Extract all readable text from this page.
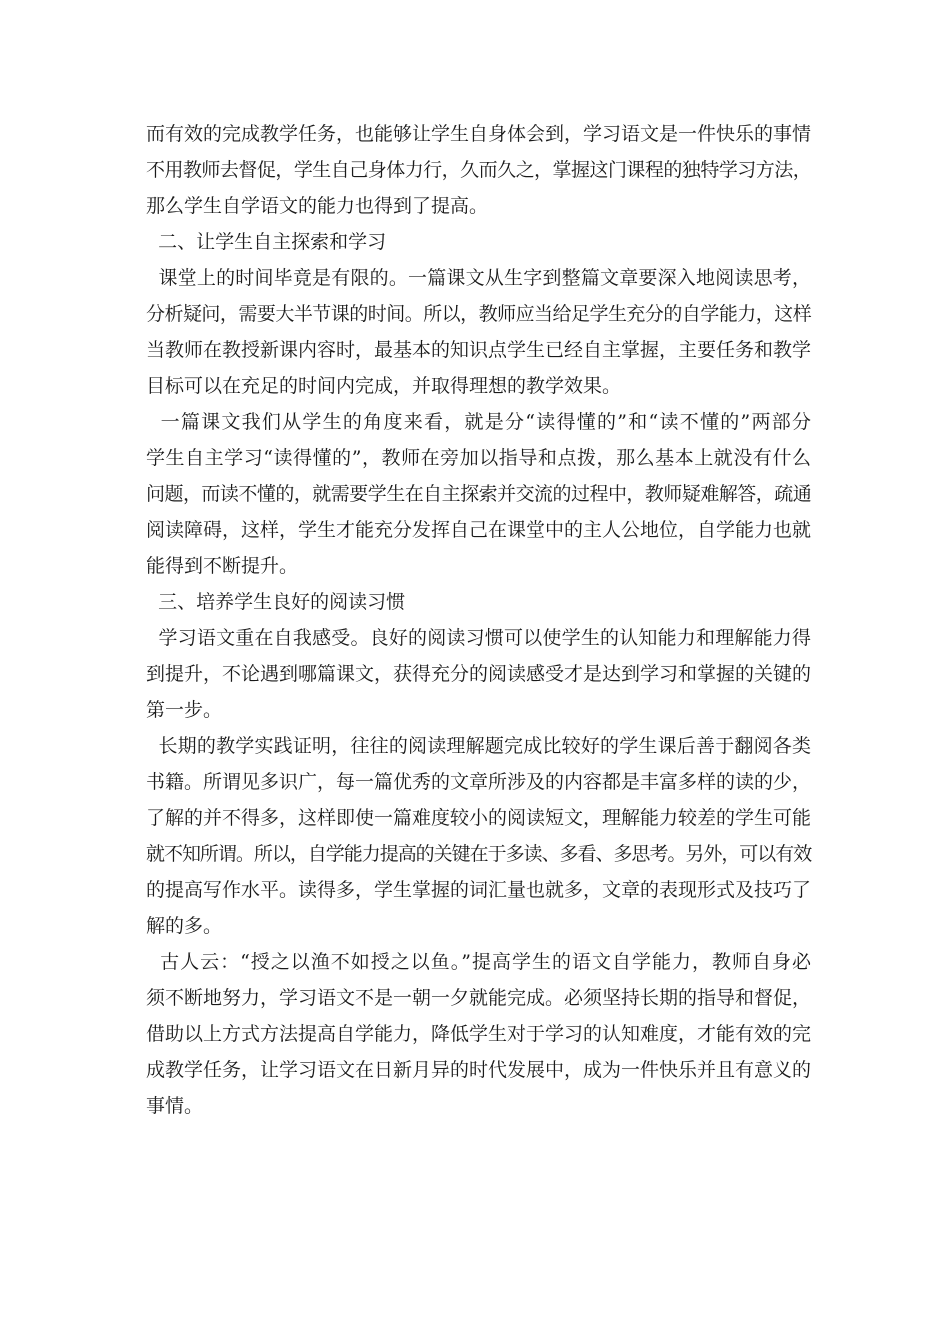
而有效的完成教学任务，也能够让学生自身体会到，学习语文是一件快乐的事情
不用教师去督促，学生自己身体力行，久而久之，掌握这门课程的独特学习方法，
那么学生自学语文的能力也得到了提高。
二、让学生自主探索和学习
课堂上的时间毕竟是有限的。一篇课文从生字到整篇文章要深入地阅读思考，
分析疑问，需要大半节课的时间。所以，教师应当给足学生充分的自学能力，这样
当教师在教授新课内容时，最基本的知识点学生已经自主掌握，主要任务和教学
目标可以在充足的时间内完成，并取得理想的教学效果。
一篇课文我们从学生的角度来看，就是分“读得懂的”和“读不懂的”两部分
学生自主学习“读得懂的”，教师在旁加以指导和点拨，那么基本上就没有什么
问题，而读不懂的，就需要学生在自主探索并交流的过程中，教师疑难解答，疏通
阅读障碍，这样，学生才能充分发挥自己在课堂中的主人公地位，自学能力也就
能得到不断提升。
三、培养学生良好的阅读习惯
学习语文重在自我感受。良好的阅读习惯可以使学生的认知能力和理解能力得
到提升，不论遇到哪篇课文，获得充分的阅读感受才是达到学习和掌握的关键的
第一步。
长期的教学实践证明，往往的阅读理解题完成比较好的学生课后善于翻阅各类
书籍。所谓见多识广，每一篇优秀的文章所涉及的内容都是丰富多样的读的少，
了解的并不得多，这样即使一篇难度较小的阅读短文，理解能力较差的学生可能
就不知所谓。所以，自学能力提高的关键在于多读、多看、多思考。另外，可以有效
的提高写作水平。读得多，学生掌握的词汇量也就多，文章的表现形式及技巧了
解的多。
古人云：“授之以渔不如授之以鱼。”提高学生的语文自学能力，教师自身必
须不断地努力，学习语文不是一朝一夕就能完成。必须坚持长期的指导和督促，
借助以上方式方法提高自学能力，降低学生对于学习的认知难度，才能有效的完
成教学任务，让学习语文在日新月异的时代发展中，成为一件快乐并且有意义的
事情。
